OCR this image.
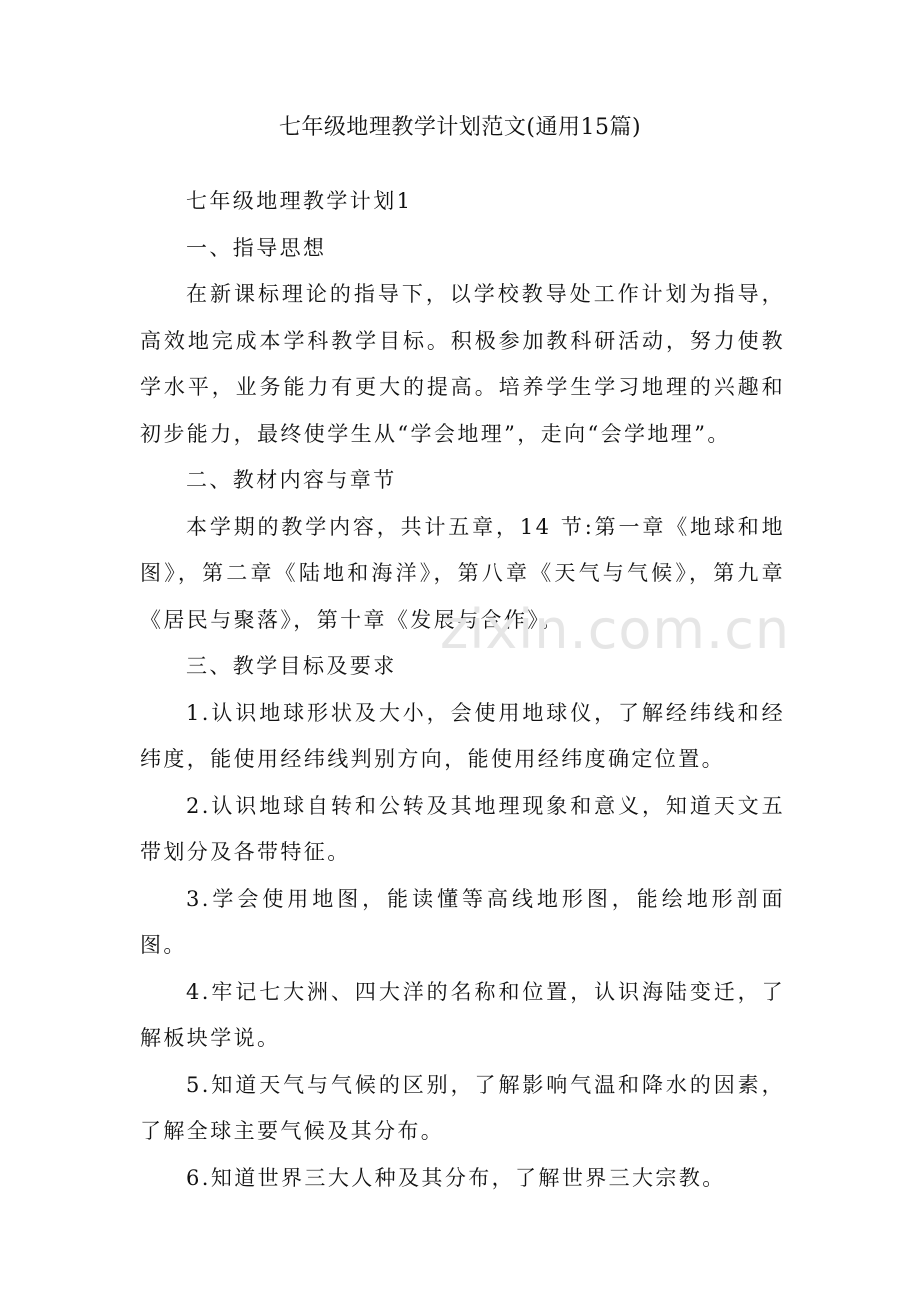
七年级地理教学计划范文(通用15篇)

七年级地理教学计划1

一、指导思想

在新课标理论的指导下，以学校教导处工作计划为指导，高效地完成本学科教学目标。积极参加教科研活动，努力使教学水平，业务能力有更大的提高。培养学生学习地理的兴趣和初步能力，最终使学生从“学会地理”，走向“会学地理”。

二、教材内容与章节

本学期的教学内容，共计五章，14 节:第一章《地球和地图》，第二章《陆地和海洋》，第八章《天气与气候》，第九章《居民与聚落》，第十章《发展与合作》。

三、教学目标及要求

1.认识地球形状及大小，会使用地球仪，了解经纬线和经纬度，能使用经纬线判别方向，能使用经纬度确定位置。

2.认识地球自转和公转及其地理现象和意义，知道天文五带划分及各带特征。

3.学会使用地图，能读懂等高线地形图，能绘地形剖面图。

4.牢记七大洲、四大洋的名称和位置，认识海陆变迁，了解板块学说。

5.知道天气与气候的区别，了解影响气温和降水的因素，了解全球主要气候及其分布。

6.知道世界三大人种及其分布，了解世界三大宗教。

zixin.com.cn
